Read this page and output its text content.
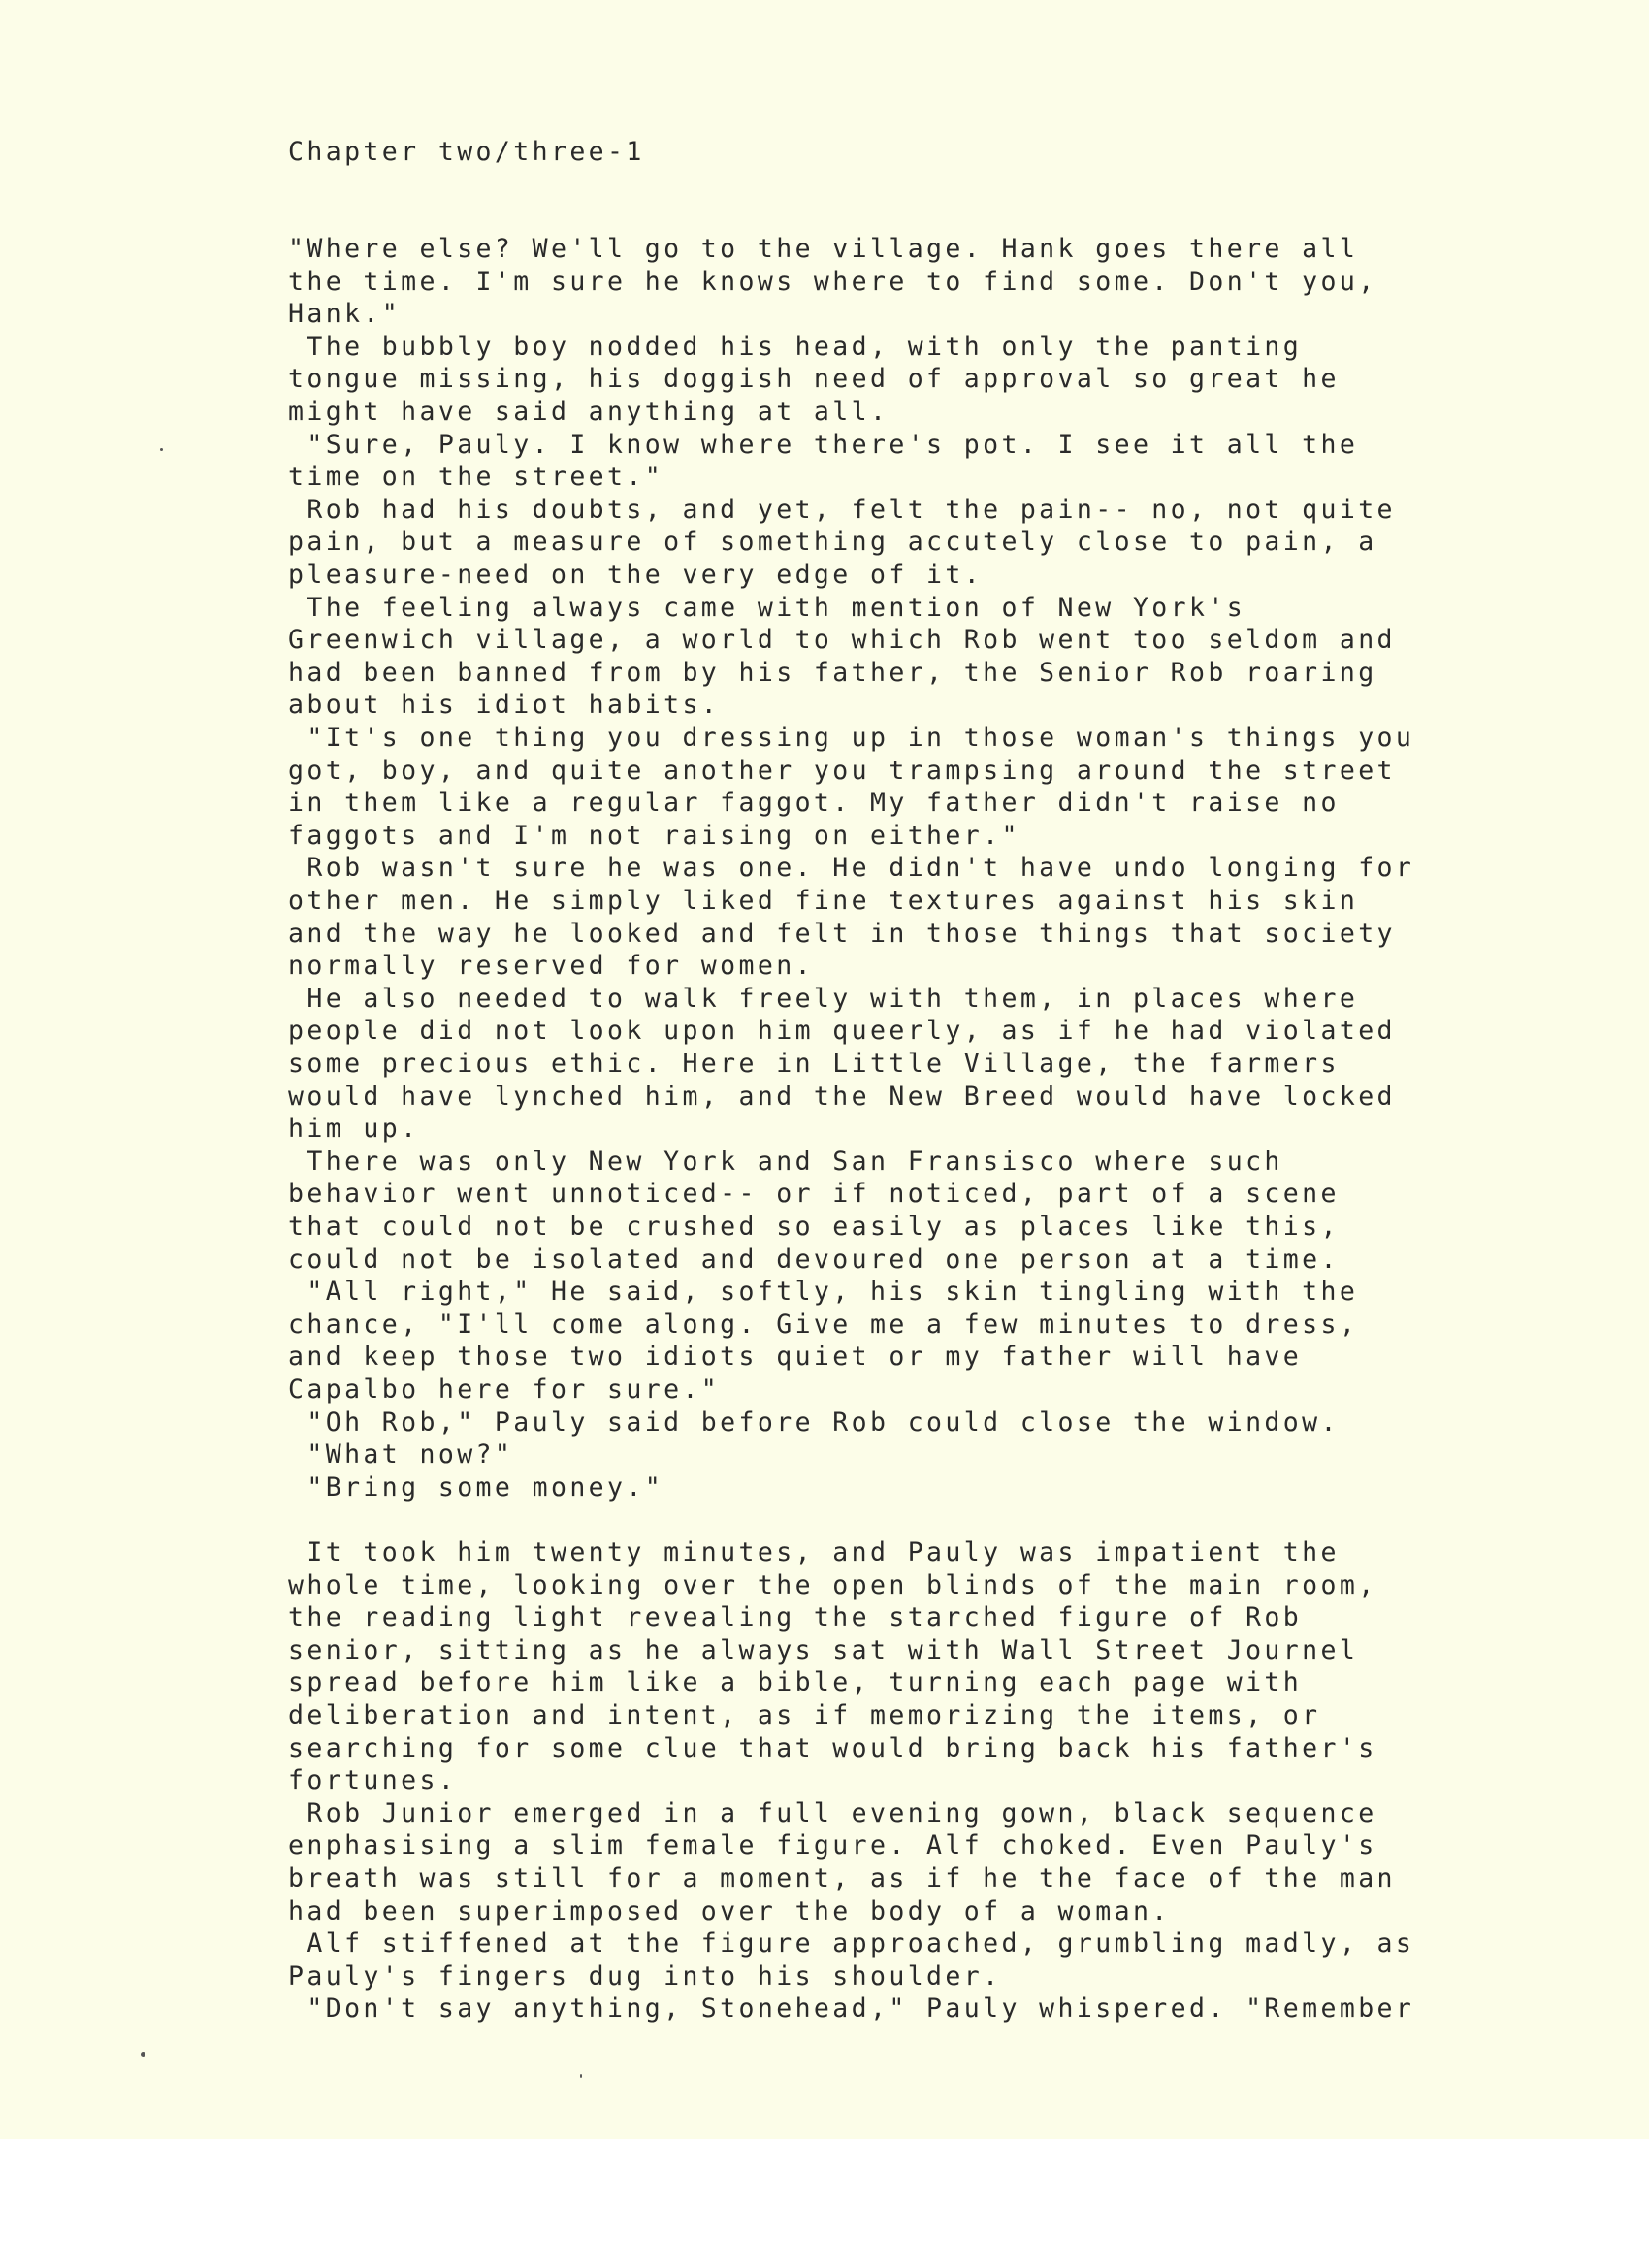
Chapter two/three-1
"Where else? We'll go to the village. Hank goes there all
the time. I'm sure he knows where to find some. Don't you,
Hank."
The bubbly boy nodded his head, with only the panting
tongue missing, his doggish need of approval so great he
might have said anything at all.
"Sure, Pauly. I know where there's pot. I see it all the
time on the street."
Rob had his doubts, and yet, felt the pain-- no, not quite
pain, but a measure of something accutely close to pain, a
pleasure-need on the very edge of it.
The feeling always came with mention of New York's
Greenwich village, a world to which Rob went too seldom and
had been banned from by his father, the Senior Rob roaring
about his idiot habits.
"It's one thing you dressing up in those woman's things you
got, boy, and quite another you trampsing around the street
in them like a regular faggot. My father didn't raise no
faggots and I'm not raising on either."
Rob wasn't sure he was one. He didn't have undo longing for
other men. He simply liked fine textures against his skin
and the way he looked and felt in those things that society
normally reserved for women.
He also needed to walk freely with them, in places where
people did not look upon him queerly, as if he had violated
some precious ethic. Here in Little Village, the farmers
would have lynched him, and the New Breed would have locked
him up.
There was only New York and San Fransisco where such
behavior went unnoticed-- or if noticed, part of a scene
that could not be crushed so easily as places like this,
could not be isolated and devoured one person at a time.
"All right," He said, softly, his skin tingling with the
chance, "I'll come along. Give me a few minutes to dress,
and keep those two idiots quiet or my father will have
Capalbo here for sure."
"Oh Rob," Pauly said before Rob could close the window.
"What now?"
"Bring some money."
It took him twenty minutes, and Pauly was impatient the
whole time, looking over the open blinds of the main room,
the reading light revealing the starched figure of Rob
senior, sitting as he always sat with Wall Street Journel
spread before him like a bible, turning each page with
deliberation and intent, as if memorizing the items, or
searching for some clue that would bring back his father's
fortunes.
Rob Junior emerged in a full evening gown, black sequence
enphasising a slim female figure. Alf choked. Even Pauly's
breath was still for a moment, as if he the face of the man
had been superimposed over the body of a woman.
Alf stiffened at the figure approached, grumbling madly, as
Pauly's fingers dug into his shoulder.
"Don't say anything, Stonehead," Pauly whispered. "Remember
